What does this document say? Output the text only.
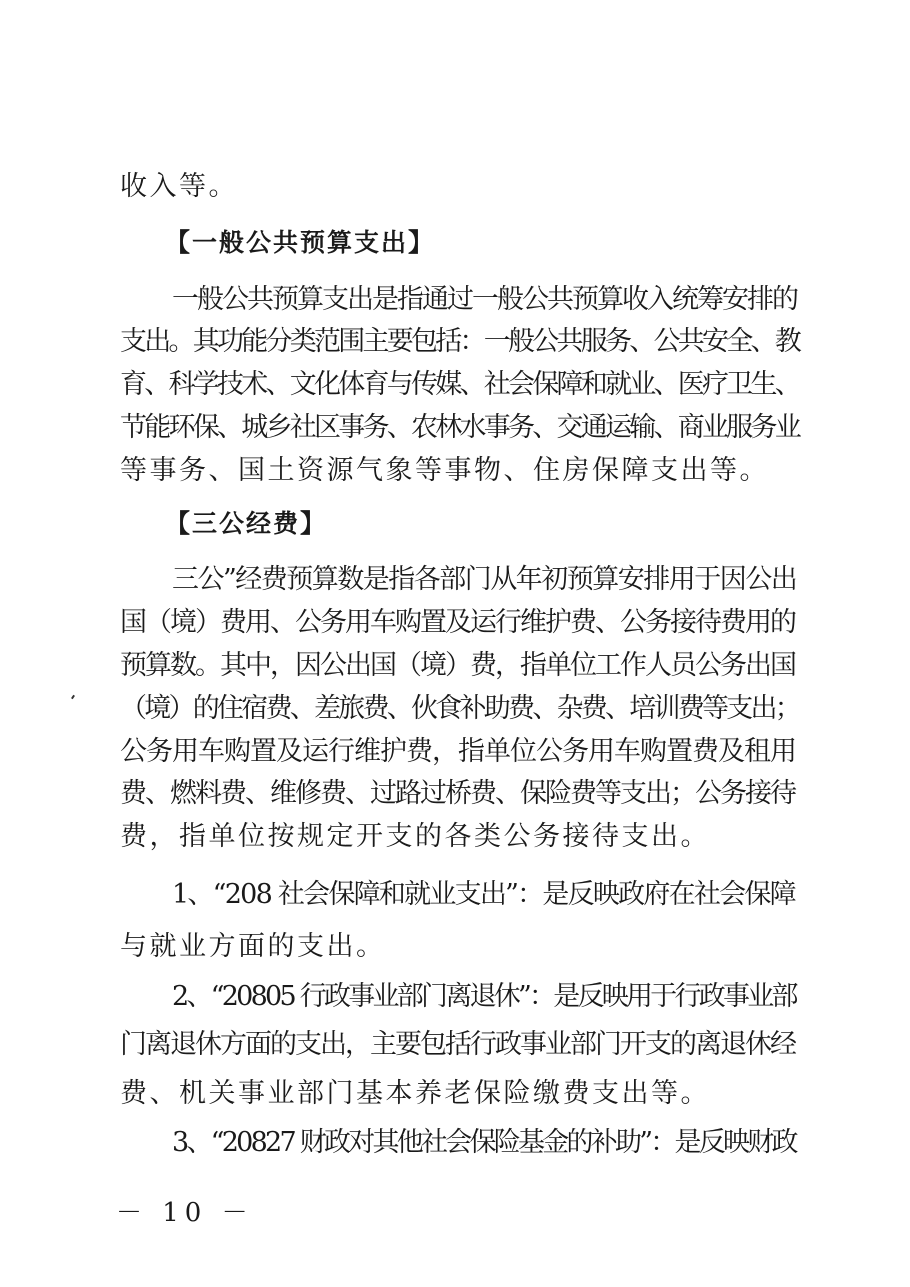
收入等。
【一般公共预算支出】
一般公共预算支出是指通过一般公共预算收入统筹安排的
支出。其功能分类范围主要包括：一般公共服务、公共安全、教
育、科学技术、文化体育与传媒、社会保障和就业、医疗卫生、
节能环保、城乡社区事务、农林水事务、交通运输、商业服务业
等事务、国土资源气象等事物、住房保障支出等。
【三公经费】
三公”经费预算数是指各部门从年初预算安排用于因公出
国（境）费用、公务用车购置及运行维护费、公务接待费用的
预算数。其中，因公出国（境）费，指单位工作人员公务出国
（境）的住宿费、差旅费、伙食补助费、杂费、培训费等支出；
公务用车购置及运行维护费，指单位公务用车购置费及租用
费、燃料费、维修费、过路过桥费、保险费等支出；公务接待
费，指单位按规定开支的各类公务接待支出。
1、“208 社会保障和就业支出”：是反映政府在社会保障
与就业方面的支出。
2、“20805 行政事业部门离退休”：是反映用于行政事业部
门离退休方面的支出，主要包括行政事业部门开支的离退休经
费、机关事业部门基本养老保险缴费支出等。
3、“20827 财政对其他社会保险基金的补助”：是反映财政
－ 10 －
